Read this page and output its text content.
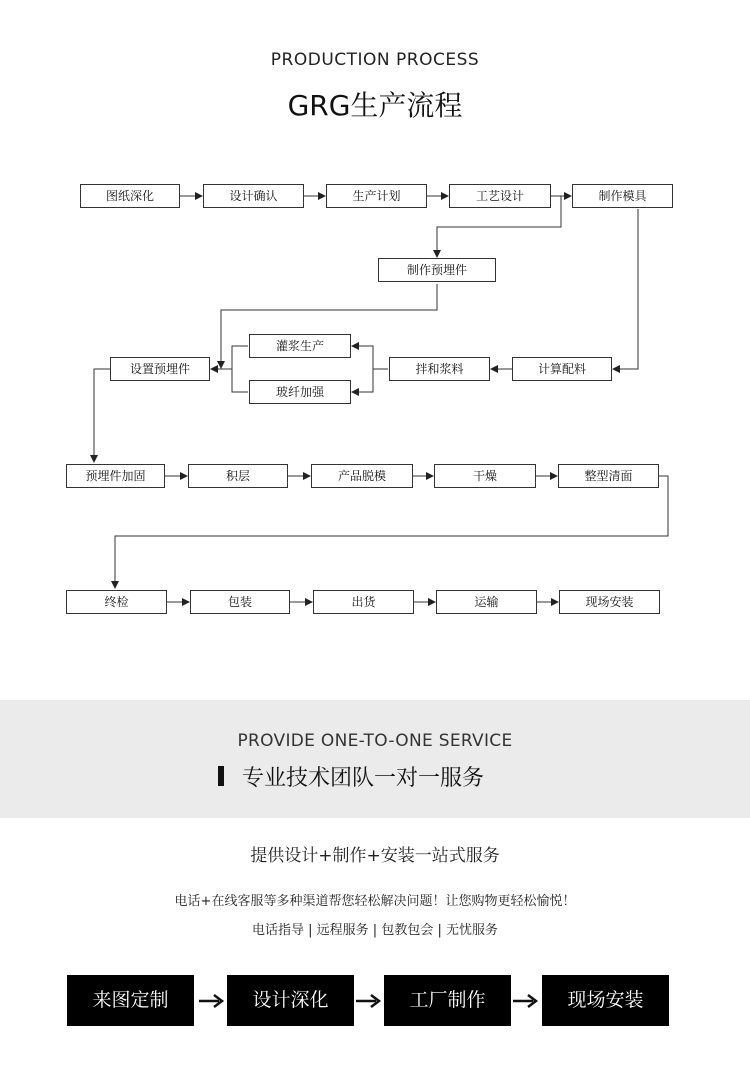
PRODUCTION PROCESS
GRG生产流程
图纸深化	设计确认	生产计划	工艺设计	制作模具
制作预埋件
灌浆生产
玻纤加强
设置预埋件	拌和浆料	计算配料
预埋件加固	积层	产品脱模	干燥	整型清面
终检	包装	出货	运输	现场安装
PROVIDE ONE-TO-ONE SERVICE
专业技术团队一对一服务
提供设计+制作+安装一站式服务
电话+在线客服等多种渠道帮您轻松解决问题！让您购物更轻松愉悦！
电话指导 | 远程服务 | 包教包会 | 无忧服务
来图定制	设计深化	工厂制作	现场安装
